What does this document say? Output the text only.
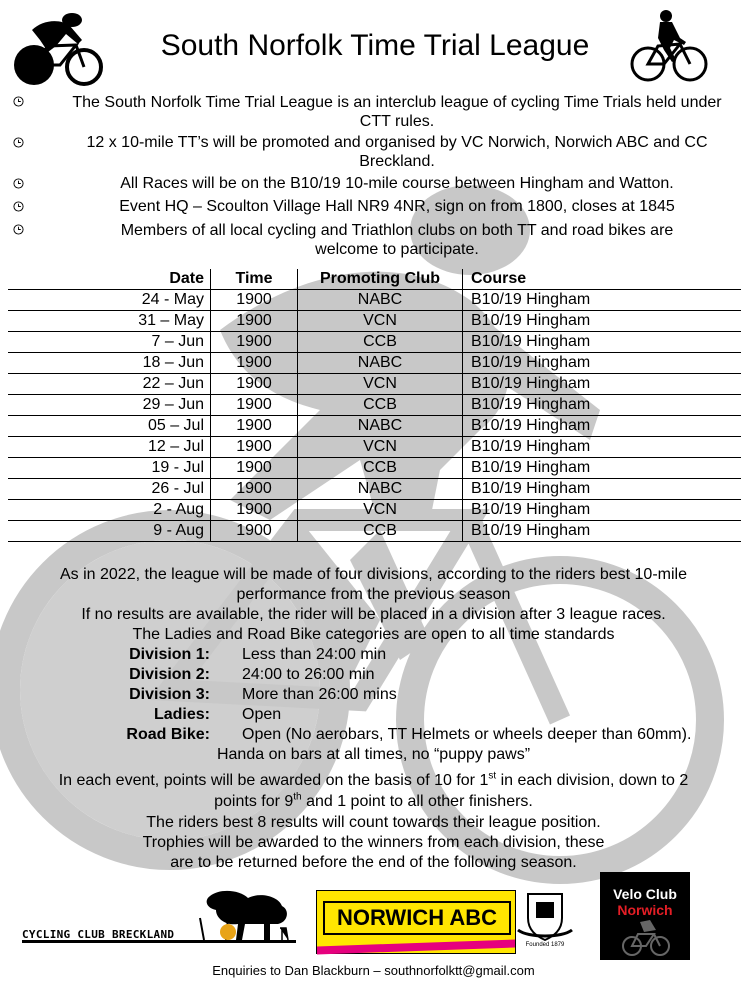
South Norfolk Time Trial League
The South Norfolk Time Trial League is an interclub league of cycling Time Trials held under CTT rules.
12 x 10-mile TT’s will be promoted and organised by VC Norwich, Norwich ABC and CC Breckland.
All Races will be on the B10/19 10-mile course between Hingham and Watton.
Event HQ – Scoulton Village Hall NR9 4NR, sign on from 1800, closes at 1845
Members of all local cycling and Triathlon clubs on both TT and road bikes are welcome to participate.
Date	Time	Promoting Club	Course
24 - May	1900	NABC	B10/19 Hingham
31 – May	1900	VCN	B10/19 Hingham
7 – Jun	1900	CCB	B10/19 Hingham
18 – Jun	1900	NABC	B10/19 Hingham
22 – Jun	1900	VCN	B10/19 Hingham
29 – Jun	1900	CCB	B10/19 Hingham
05 – Jul	1900	NABC	B10/19 Hingham
12 – Jul	1900	VCN	B10/19 Hingham
19 - Jul	1900	CCB	B10/19 Hingham
26 - Jul	1900	NABC	B10/19 Hingham
2 - Aug	1900	VCN	B10/19 Hingham
9 - Aug	1900	CCB	B10/19 Hingham
As in 2022, the league will be made of four divisions, according to the riders best 10-mile
performance from the previous season
If no results are available, the rider will be placed in a division after 3 league races.
The Ladies and Road Bike categories are open to all time standards
Division 1: Less than 24:00 min
Division 2: 24:00 to 26:00 min
Division 3: More than 26:00 mins
Ladies: Open
Road Bike: Open (No aerobars, TT Helmets or wheels deeper than 60mm).
Handa on bars at all times, no “puppy paws”
In each event, points will be awarded on the basis of 10 for 1st in each division, down to 2
points for 9th and 1 point to all other finishers.
The riders best 8 results will count towards their league position.
Trophies will be awarded to the winners from each division, these
are to be returned before the end of the following season.
CYCLING CLUB BRECKLAND
NORWICH ABC
Founded 1879
Velo Club
Norwich
Enquiries to Dan Blackburn – southnorfolktt@gmail.com
